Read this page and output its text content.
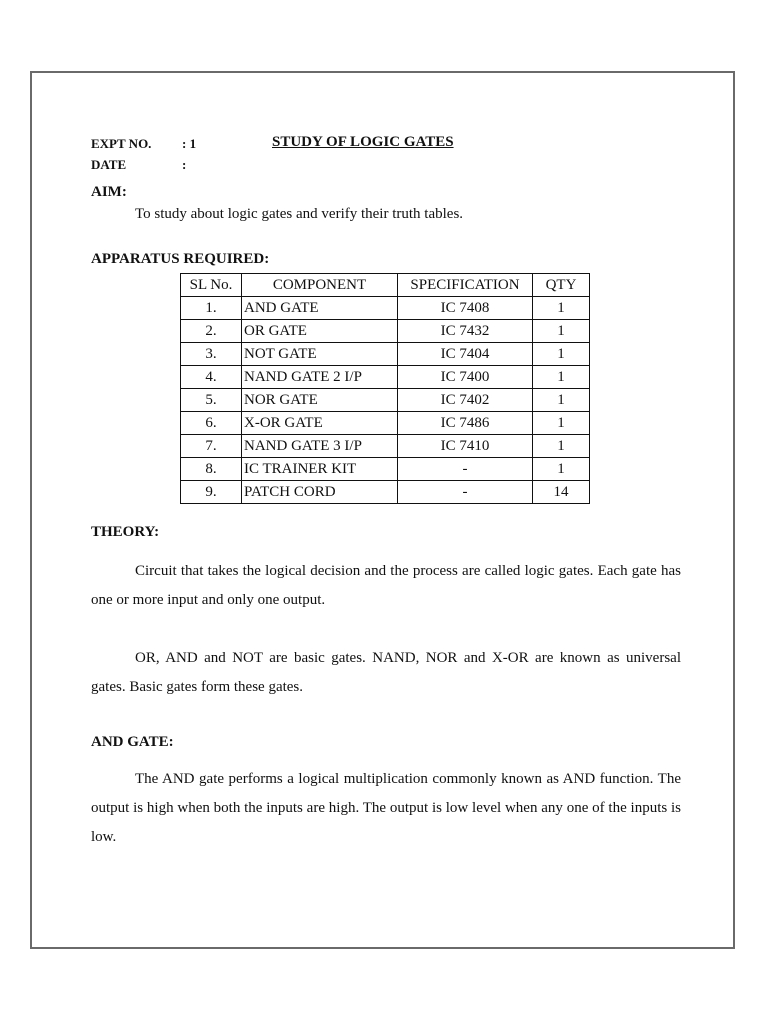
EXPT NO. : 1
DATE	:
STUDY OF LOGIC GATES
AIM:
To study about logic gates and verify their truth tables.
APPARATUS REQUIRED:
SL No.	COMPONENT	SPECIFICATION	QTY
1.	AND GATE	IC 7408	1
2.	OR GATE	IC 7432	1
3.	NOT GATE	IC 7404	1
4.	NAND GATE 2 I/P	IC 7400	1
5.	NOR GATE	IC 7402	1
6.	X-OR GATE	IC 7486	1
7.	NAND GATE 3 I/P	IC 7410	1
8.	IC TRAINER KIT	-	1
9.	PATCH CORD	-	14
THEORY:

Circuit that takes the logical decision and the process are called logic gates. Each gate has one or more input and only one output.

OR, AND and NOT are basic gates. NAND, NOR and X-OR are known as universal gates. Basic gates form these gates.

AND GATE:

The AND gate performs a logical multiplication commonly known as AND function. The output is high when both the inputs are high. The output is low level when any one of the inputs is low.
